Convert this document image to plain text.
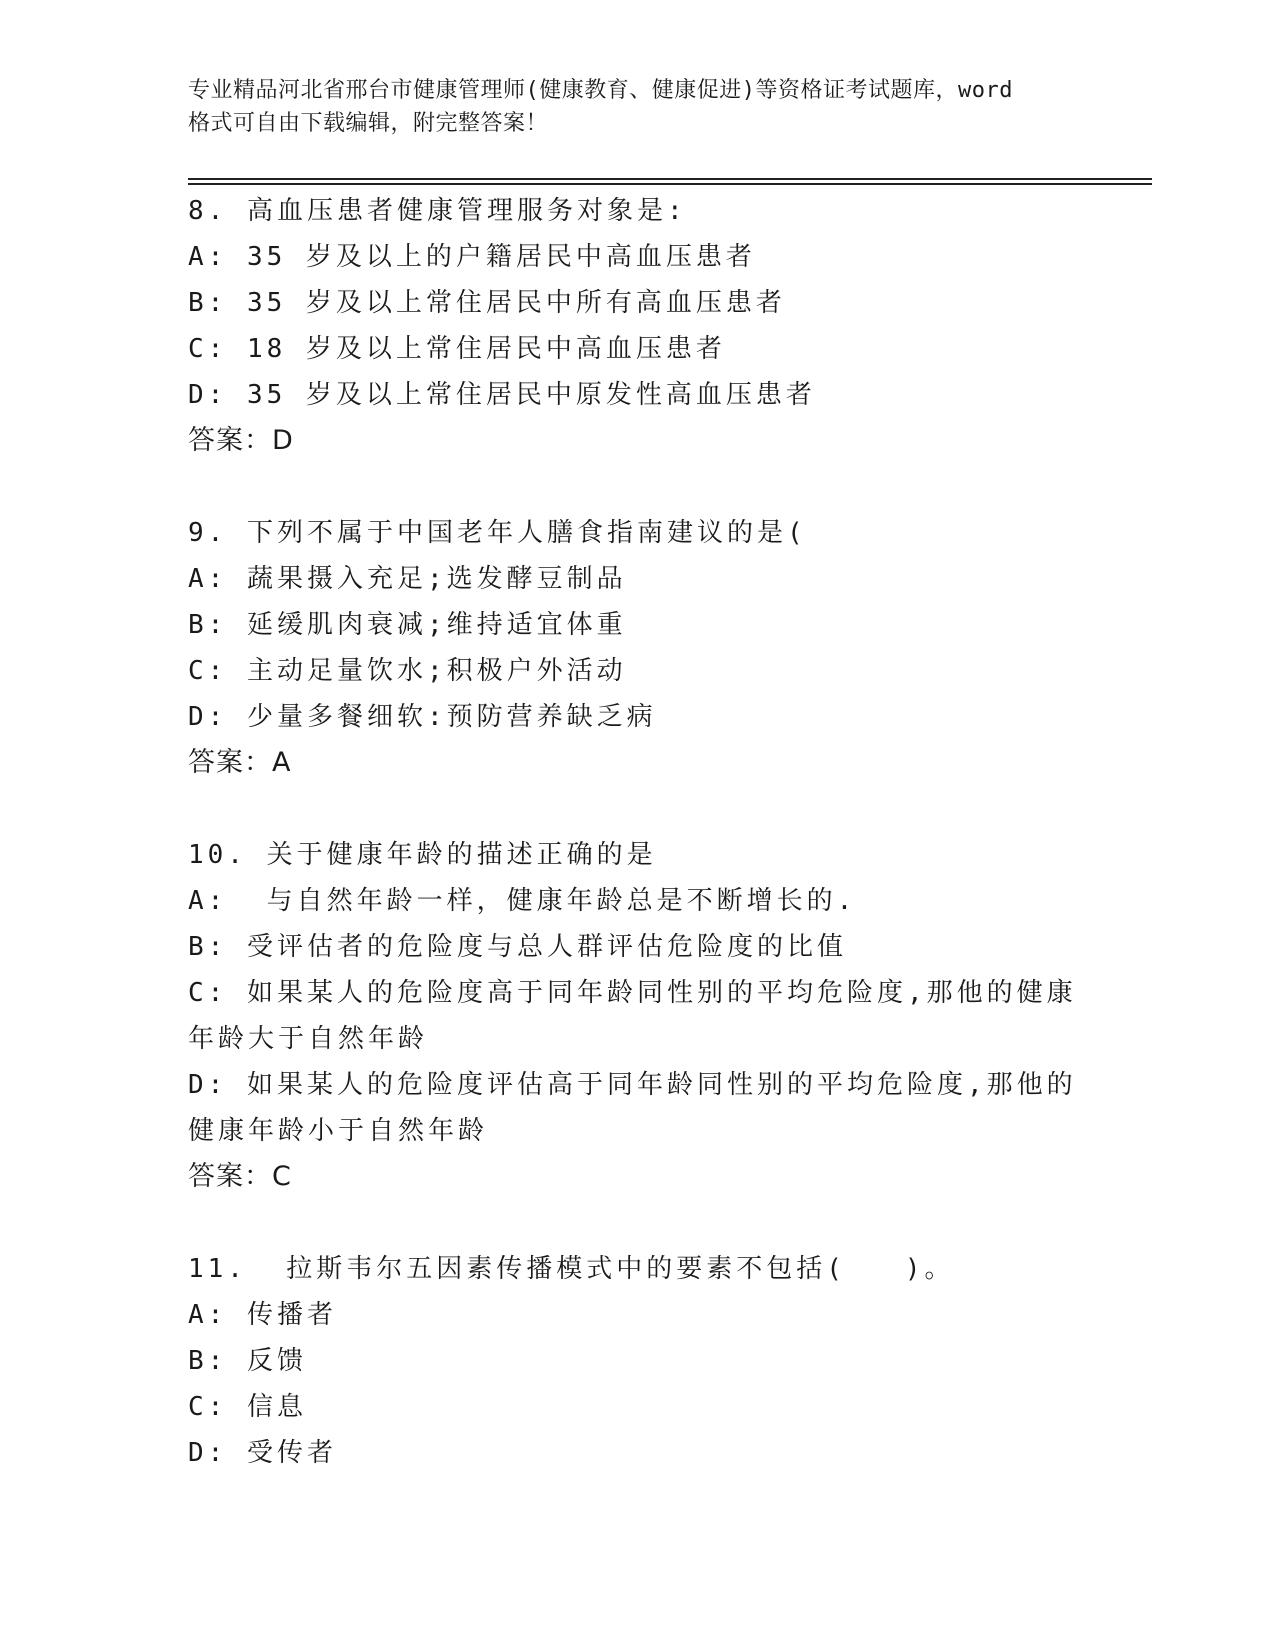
专业精品河北省邢台市健康管理师(健康教育、健康促进)等资格证考试题库，word
格式可自由下载编辑，附完整答案！
8. 高血压患者健康管理服务对象是:
A: 35 岁及以上的户籍居民中高血压患者
B: 35 岁及以上常住居民中所有高血压患者
C: 18 岁及以上常住居民中高血压患者
D: 35 岁及以上常住居民中原发性高血压患者
答案：D
9. 下列不属于中国老年人膳食指南建议的是(
A: 蔬果摄入充足;选发酵豆制品
B: 延缓肌肉衰减;维持适宜体重
C: 主动足量饮水;积极户外活动
D: 少量多餐细软:预防营养缺乏病
答案：A
10. 关于健康年龄的描述正确的是
A:  与自然年龄一样，健康年龄总是不断增长的.
B: 受评估者的危险度与总人群评估危险度的比值
C: 如果某人的危险度高于同年龄同性别的平均危险度,那他的健康年龄大于自然年龄
D: 如果某人的危险度评估高于同年龄同性别的平均危险度,那他的健康年龄小于自然年龄
答案：C
11.  拉斯韦尔五因素传播模式中的要素不包括(   )。
A: 传播者
B: 反馈
C: 信息
D: 受传者
